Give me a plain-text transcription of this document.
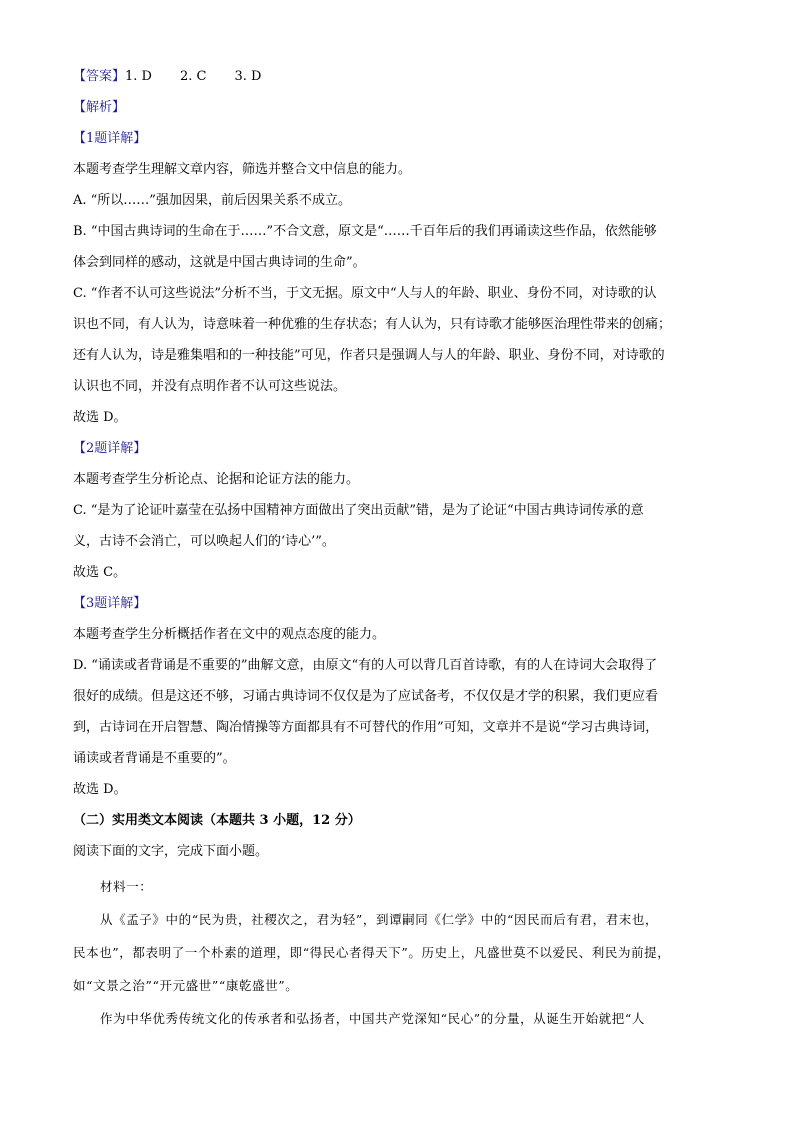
【答案】1. D 2. C 3. D
【解析】
【1题详解】
本题考查学生理解文章内容，筛选并整合文中信息的能力。
A. “所以……”强加因果，前后因果关系不成立。
B. “中国古典诗词的生命在于……”不合文意，原文是“……千百年后的我们再诵读这些作品，依然能够
体会到同样的感动，这就是中国古典诗词的生命”。
C. “作者不认可这些说法”分析不当，于文无据。原文中“人与人的年龄、职业、身份不同，对诗歌的认
识也不同，有人认为，诗意味着一种优雅的生存状态；有人认为，只有诗歌才能够医治理性带来的创痛；
还有人认为，诗是雅集唱和的一种技能”可见，作者只是强调人与人的年龄、职业、身份不同，对诗歌的
认识也不同，并没有点明作者不认可这些说法。
故选 D。
【2题详解】
本题考查学生分析论点、论据和论证方法的能力。
C. “是为了论证叶嘉莹在弘扬中国精神方面做出了突出贡献”错，是为了论证“中国古典诗词传承的意
义，古诗不会消亡，可以唤起人们的‘诗心’”。
故选 C。
【3题详解】
本题考查学生分析概括作者在文中的观点态度的能力。
D. “诵读或者背诵是不重要的”曲解文意，由原文“有的人可以背几百首诗歌，有的人在诗词大会取得了
很好的成绩。但是这还不够，习诵古典诗词不仅仅是为了应试备考，不仅仅是才学的积累，我们更应看
到，古诗词在开启智慧、陶冶情操等方面都具有不可替代的作用”可知，文章并不是说“学习古典诗词，
诵读或者背诵是不重要的”。
故选 D。
（二）实用类文本阅读（本题共 3 小题，12 分）
阅读下面的文字，完成下面小题。
材料一：
从《孟子》中的“民为贵，社稷次之，君为轻”，到谭嗣同《仁学》中的“因民而后有君，君末也，
民本也”，都表明了一个朴素的道理，即“得民心者得天下”。历史上，凡盛世莫不以爱民、利民为前提，
如“文景之治”“开元盛世”“康乾盛世”。
作为中华优秀传统文化的传承者和弘扬者，中国共产党深知“民心”的分量，从诞生开始就把“人
